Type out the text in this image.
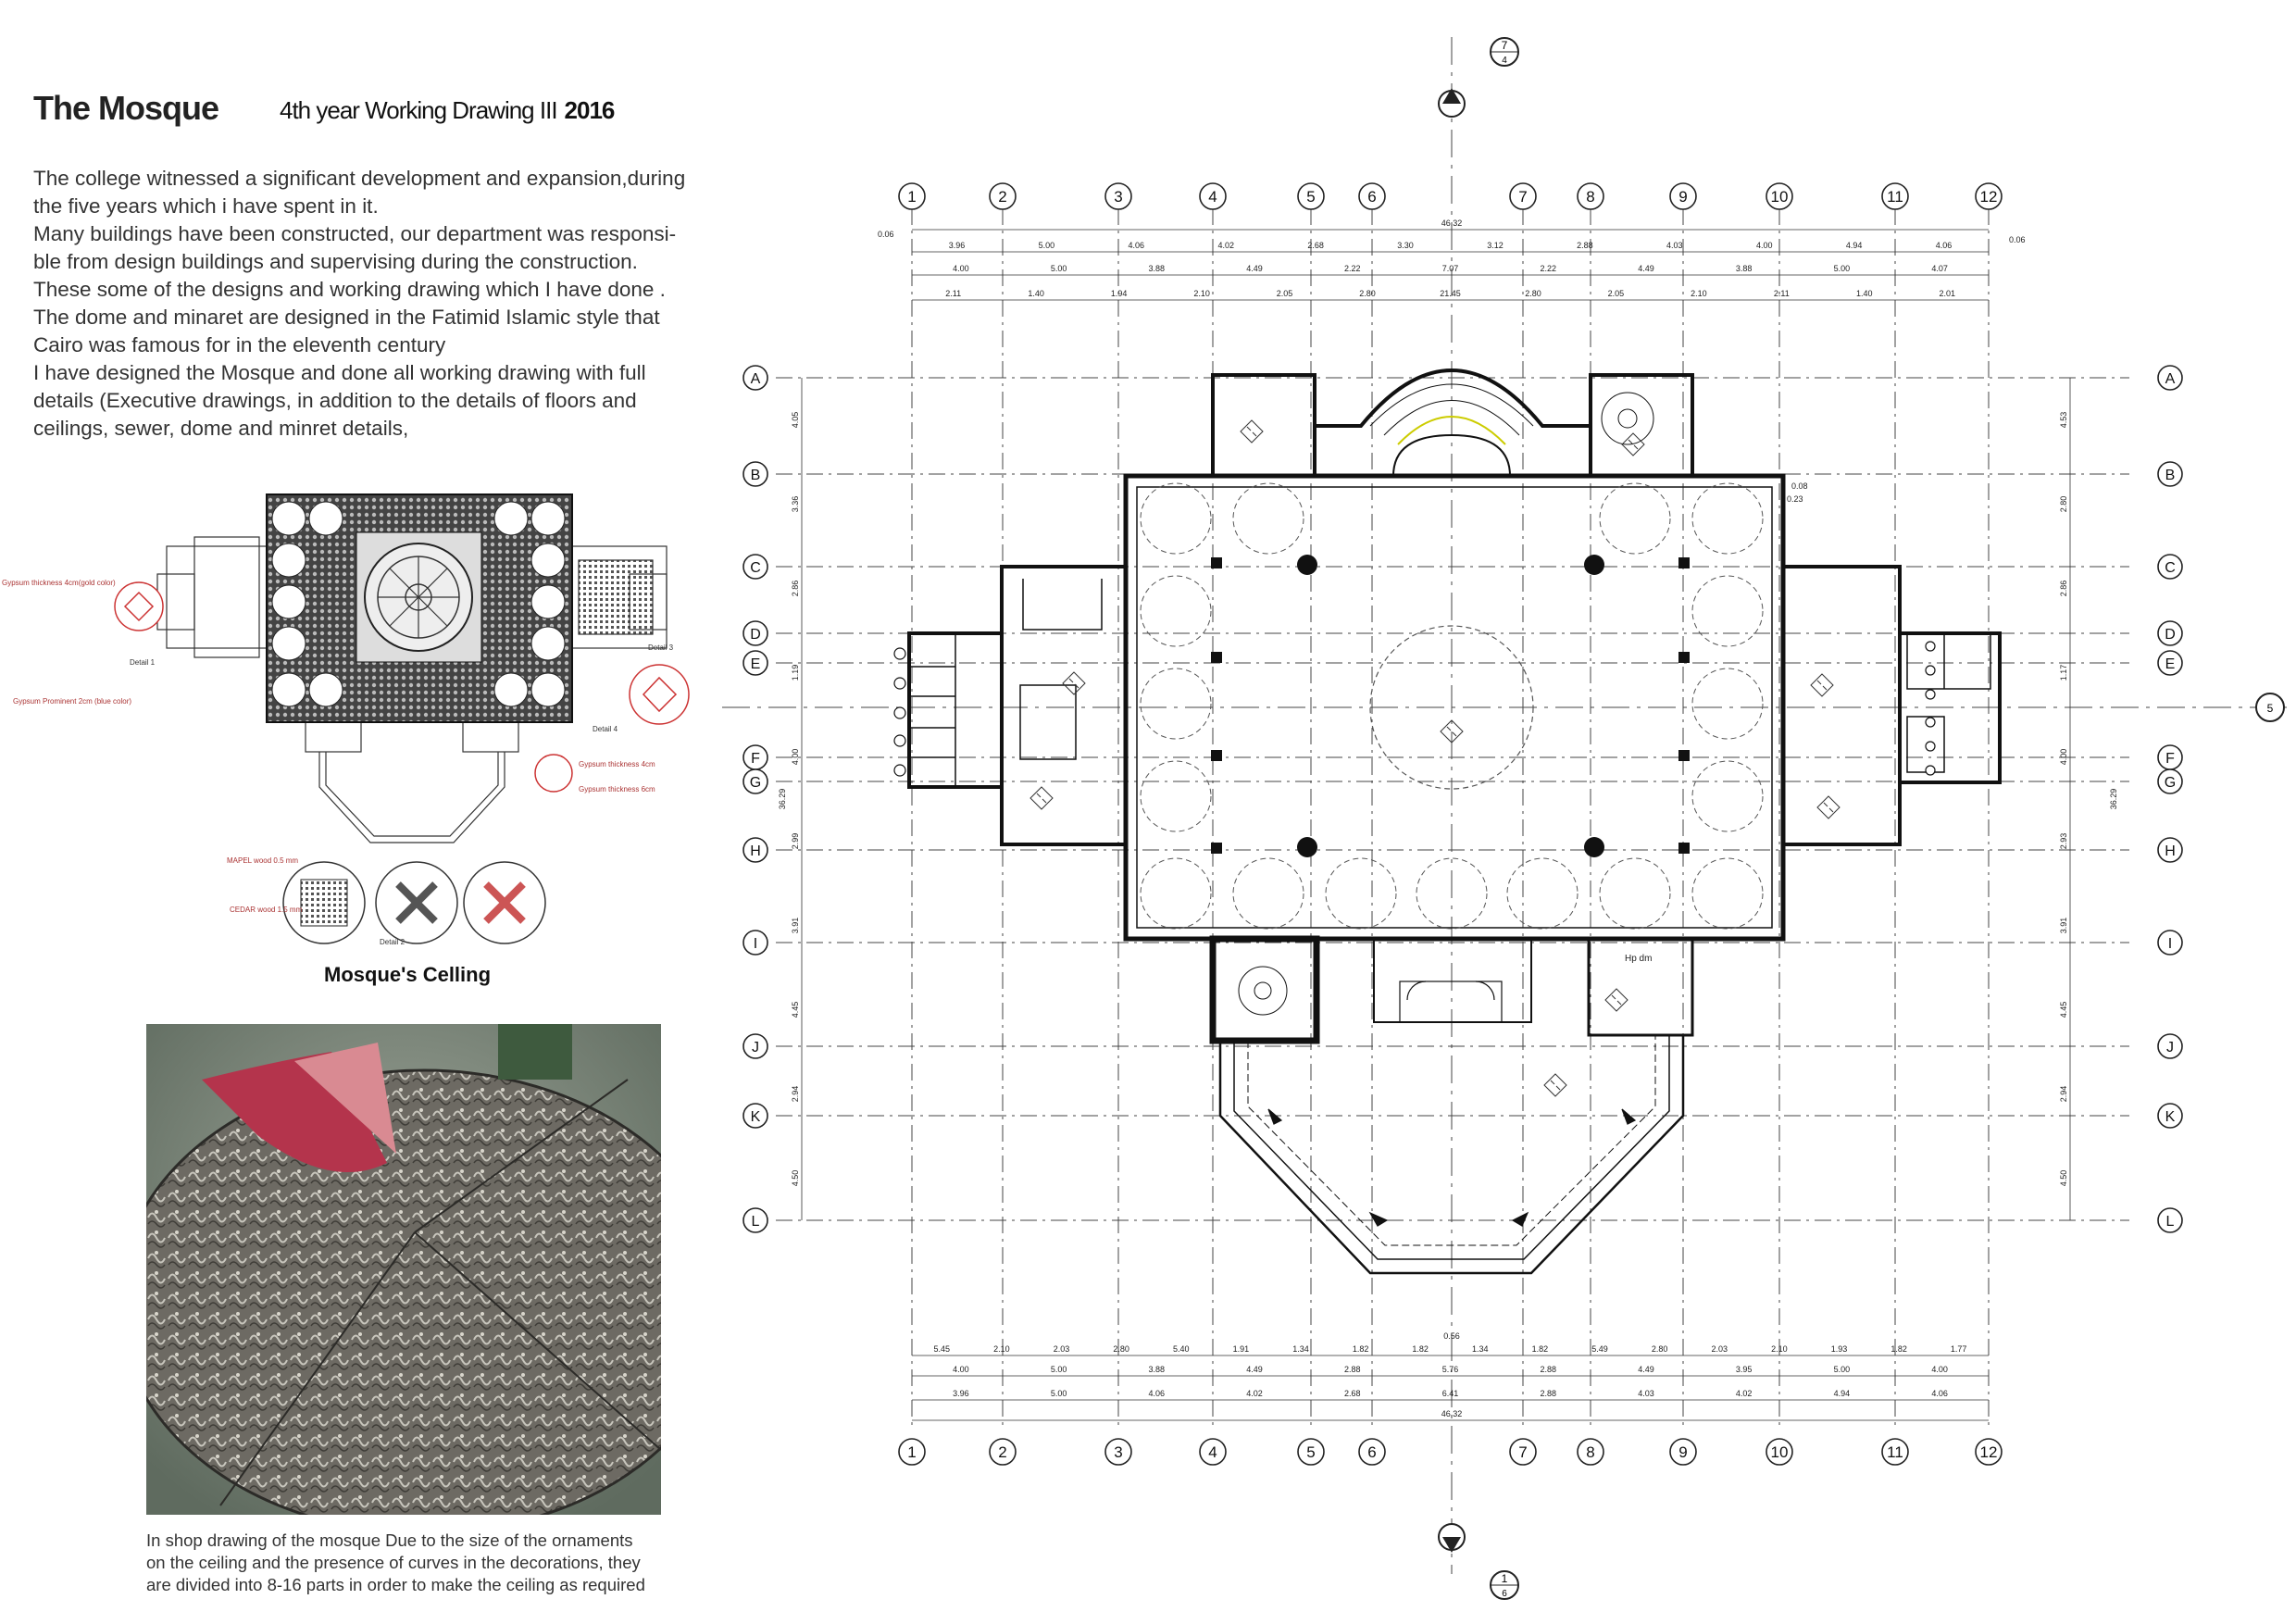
The Mosque	4th year Working Drawing III 2016

The college witnessed a significant development and expansion,during

the five years which i have spent in it.

Many buildings have been constructed, our department was responsi-

ble from design buildings and supervising during the construction.

These some of the designs and working drawing which I have done .

The dome and minaret are designed in the Fatimid Islamic style that

Cairo was famous for in the eleventh century

I have designed the Mosque and done all working drawing with full

details (Executive drawings, in addition to the details of floors and

ceilings, sewer, dome and minret details,

Gypsum thickness 4cm(gold color)
Gypsum Prominent 2cm (blue color)
Gypsum thickness 4cm
Gypsum thickness 6cm
MAPEL wood 0.5 mm
CEDAR wood 1.5 mm
Detail 1
Detail 2
Detail 3
Detail 4
Mosque's Celling

In shop drawing of the mosque Due to the size of the ornaments

on the ceiling and the presence of curves in the decorations, they

are divided into 8-16 parts in order to make the ceiling as required

7
4
1
6
5
1	2	3	4	5	6	7	8	9	10	11	12
1	2	3	4	5	6	7	8	9	10	11	12
A
B
C
D
E
F
G
H
I
J
K
L
A
B
C
D
E
F
G
H
I
J
K
L
3.96	5.00	4.06	4.02	2.68	3.30	3.12	2.88	4.03	4.00	4.94	4.06
4.00	5.00	3.88	4.49	2.22	7.07	2.22	4.49	3.88	5.00	4.07
2.11	1.40	1.94	2.10	2.05	2.80	21.45	2.80	2.05	2.10	2.11	1.40	2.01
5.45	2.10	2.03	2.80	5.40	1.91	1.34	1.82	1.82	1.34	1.82	5.49	2.80	2.03	2.10	1.93	1.82	1.77
4.00	5.00	3.88	4.49	2.88	5.76	2.88	4.49	3.95	5.00	4.00
3.96	5.00	4.06	4.02	2.68	6.41	2.88	4.03	4.02	4.94	4.06
46.32
46.32
0.06
0.06
0.56
0.08
0.23
4.05
3.36
2.86
1.19
4.00
2.99
3.91
4.45
2.94
4.50
4.53
2.80
2.86
1.17
4.00
2.93
3.91
4.45
2.94
4.50
36.29	36.29
Hp dm
